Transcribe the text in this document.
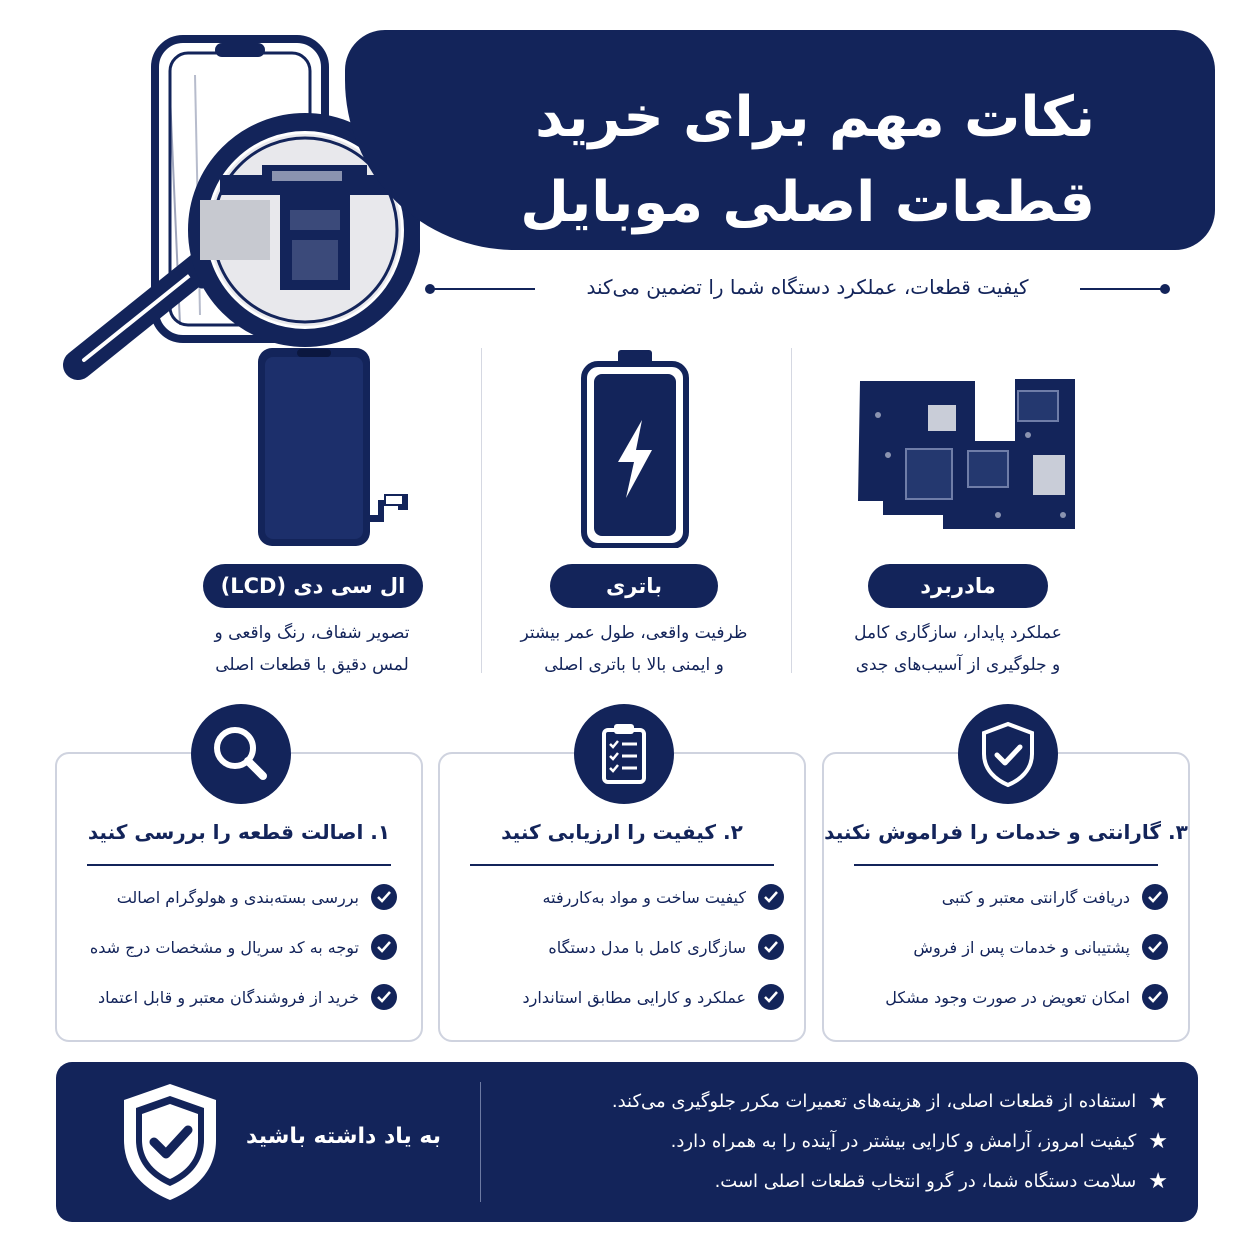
نکات مهم برای خرید
قطعات اصلی موبایل
کیفیت قطعات، عملکرد دستگاه شما را تضمین می‌کند
ال سی دی (LCD)	باتری	مادربرد
تصویر شفاف، رنگ واقعی و
لمس دقیق با قطعات اصلی
ظرفیت واقعی، طول عمر بیشتر
و ایمنی بالا با باتری اصلی
عملکرد پایدار، سازگاری کامل
و جلوگیری از آسیب‌های جدی
۱. اصالت قطعه را بررسی کنید
بررسی بسته‌بندی و هولوگرام اصالت
توجه به کد سریال و مشخصات درج شده
خرید از فروشندگان معتبر و قابل اعتماد
۲. کیفیت را ارزیابی کنید
کیفیت ساخت و مواد به‌کاررفته
سازگاری کامل با مدل دستگاه
عملکرد و کارایی مطابق استاندارد
۳. گارانتی و خدمات را فراموش نکنید
دریافت گارانتی معتبر و کتبی
پشتیبانی و خدمات پس از فروش
امکان تعویض در صورت وجود مشکل
به یاد داشته باشید
★
استفاده از قطعات اصلی، از هزینه‌های تعمیرات مکرر جلوگیری می‌کند.
★
کیفیت امروز، آرامش و کارایی بیشتر در آینده را به همراه دارد.
★
سلامت دستگاه شما، در گرو انتخاب قطعات اصلی است.
